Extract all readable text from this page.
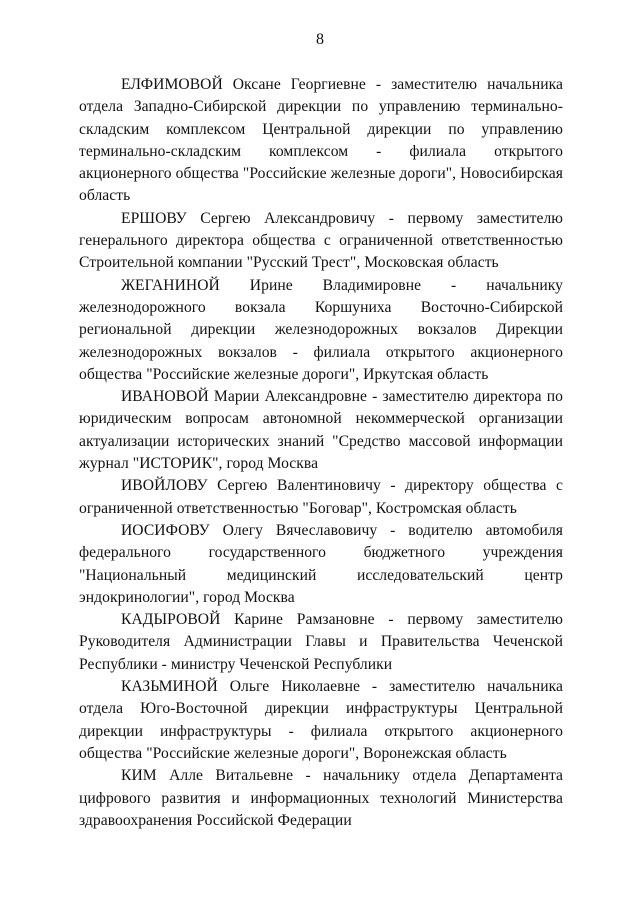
8

ЕЛФИМОВОЙ Оксане Георгиевне - заместителю начальника отдела Западно-Сибирской дирекции по управлению терминально-складским комплексом Центральной дирекции по управлению терминально-складским комплексом - филиала открытого акционерного общества "Российские железные дороги", Новосибирская область

ЕРШОВУ Сергею Александровичу - первому заместителю генерального директора общества с ограниченной ответственностью Строительной компании "Русский Трест", Московская область

ЖЕГАНИНОЙ Ирине Владимировне - начальнику железнодорожного вокзала Коршуниха Восточно-Сибирской региональной дирекции железнодорожных вокзалов Дирекции железнодорожных вокзалов - филиала открытого акционерного общества "Российские железные дороги", Иркутская область

ИВАНОВОЙ Марии Александровне - заместителю директора по юридическим вопросам автономной некоммерческой организации актуализации исторических знаний "Средство массовой информации журнал "ИСТОРИК", город Москва

ИВОЙЛОВУ Сергею Валентиновичу - директору общества с ограниченной ответственностью "Боговар", Костромская область

ИОСИФОВУ Олегу Вячеславовичу - водителю автомобиля федерального государственного бюджетного учреждения "Национальный медицинский исследовательский центр эндокринологии", город Москва

КАДЫРОВОЙ Карине Рамзановне - первому заместителю Руководителя Администрации Главы и Правительства Чеченской Республики - министру Чеченской Республики

КАЗЬМИНОЙ Ольге Николаевне - заместителю начальника отдела Юго-Восточной дирекции инфраструктуры Центральной дирекции инфраструктуры - филиала открытого акционерного общества "Российские железные дороги", Воронежская область

КИМ Алле Витальевне - начальнику отдела Департамента цифрового развития и информационных технологий Министерства здравоохранения Российской Федерации
